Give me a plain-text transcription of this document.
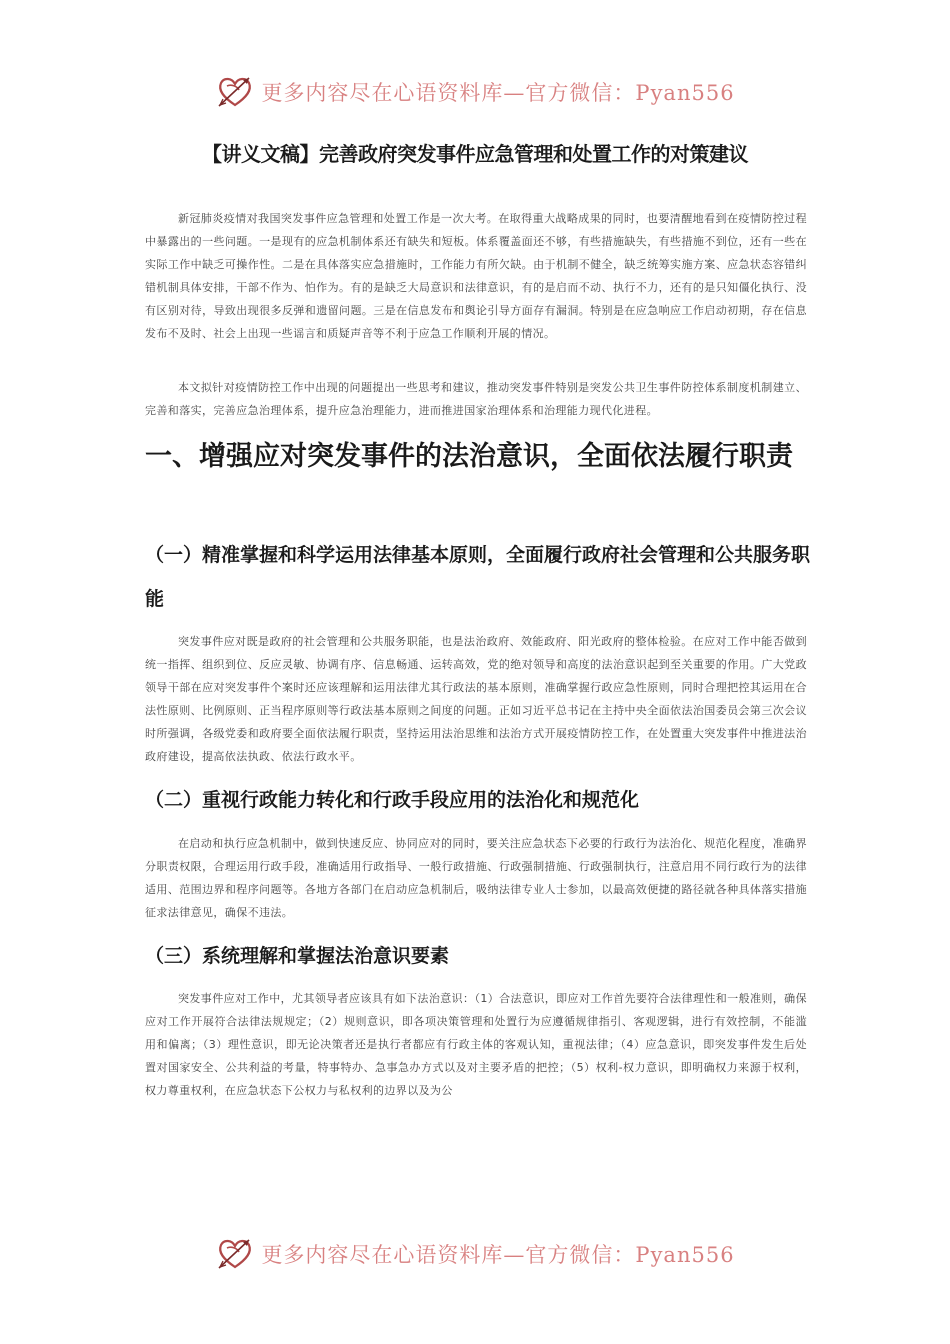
更多内容尽在心语资料库—官方微信：Pyan556
【讲义文稿】完善政府突发事件应急管理和处置工作的对策建议

新冠肺炎疫情对我国突发事件应急管理和处置工作是一次大考。在取得重大战略成果的同时，也要清醒地看到在疫情防控过程中暴露出的一些问题。一是现有的应急机制体系还有缺失和短板。体系覆盖面还不够，有些措施缺失，有些措施不到位，还有一些在实际工作中缺乏可操作性。二是在具体落实应急措施时，工作能力有所欠缺。由于机制不健全，缺乏统筹实施方案、应急状态容错纠错机制具体安排，干部不作为、怕作为。有的是缺乏大局意识和法律意识，有的是启而不动、执行不力，还有的是只知僵化执行、没有区别对待，导致出现很多反弹和遗留问题。三是在信息发布和舆论引导方面存有漏洞。特别是在应急响应工作启动初期，存在信息发布不及时、社会上出现一些谣言和质疑声音等不利于应急工作顺利开展的情况。

本文拟针对疫情防控工作中出现的问题提出一些思考和建议，推动突发事件特别是突发公共卫生事件防控体系制度机制建立、完善和落实，完善应急治理体系，提升应急治理能力，进而推进国家治理体系和治理能力现代化进程。

一、增强应对突发事件的法治意识，全面依法履行职责
（一）精准掌握和科学运用法律基本原则，全面履行政府社会管理和公共服务职能

突发事件应对既是政府的社会管理和公共服务职能，也是法治政府、效能政府、阳光政府的整体检验。在应对工作中能否做到统一指挥、组织到位、反应灵敏、协调有序、信息畅通、运转高效，党的绝对领导和高度的法治意识起到至关重要的作用。广大党政领导干部在应对突发事件个案时还应该理解和运用法律尤其行政法的基本原则，准确掌握行政应急性原则，同时合理把控其运用在合法性原则、比例原则、正当程序原则等行政法基本原则之间度的问题。正如习近平总书记在主持中央全面依法治国委员会第三次会议时所强调，各级党委和政府要全面依法履行职责，坚持运用法治思维和法治方式开展疫情防控工作，在处置重大突发事件中推进法治政府建设，提高依法执政、依法行政水平。

（二）重视行政能力转化和行政手段应用的法治化和规范化

在启动和执行应急机制中，做到快速反应、协同应对的同时，要关注应急状态下必要的行政行为法治化、规范化程度，准确界分职责权限，合理运用行政手段，准确适用行政指导、一般行政措施、行政强制措施、行政强制执行，注意启用不同行政行为的法律适用、范围边界和程序问题等。各地方各部门在启动应急机制后，吸纳法律专业人士参加，以最高效便捷的路径就各种具体落实措施征求法律意见，确保不违法。

（三）系统理解和掌握法治意识要素

突发事件应对工作中，尤其领导者应该具有如下法治意识：（1）合法意识，即应对工作首先要符合法律理性和一般准则，确保应对工作开展符合法律法规规定；（2）规则意识，即各项决策管理和处置行为应遵循规律指引、客观逻辑，进行有效控制，不能滥用和偏离；（3）理性意识，即无论决策者还是执行者都应有行政主体的客观认知，重视法律；（4）应急意识，即突发事件发生后处置对国家安全、公共利益的考量，特事特办、急事急办方式以及对主要矛盾的把控；（5）权利-权力意识，即明确权力来源于权利，权力尊重权利，在应急状态下公权力与私权利的边界以及为公

更多内容尽在心语资料库—官方微信：Pyan556
